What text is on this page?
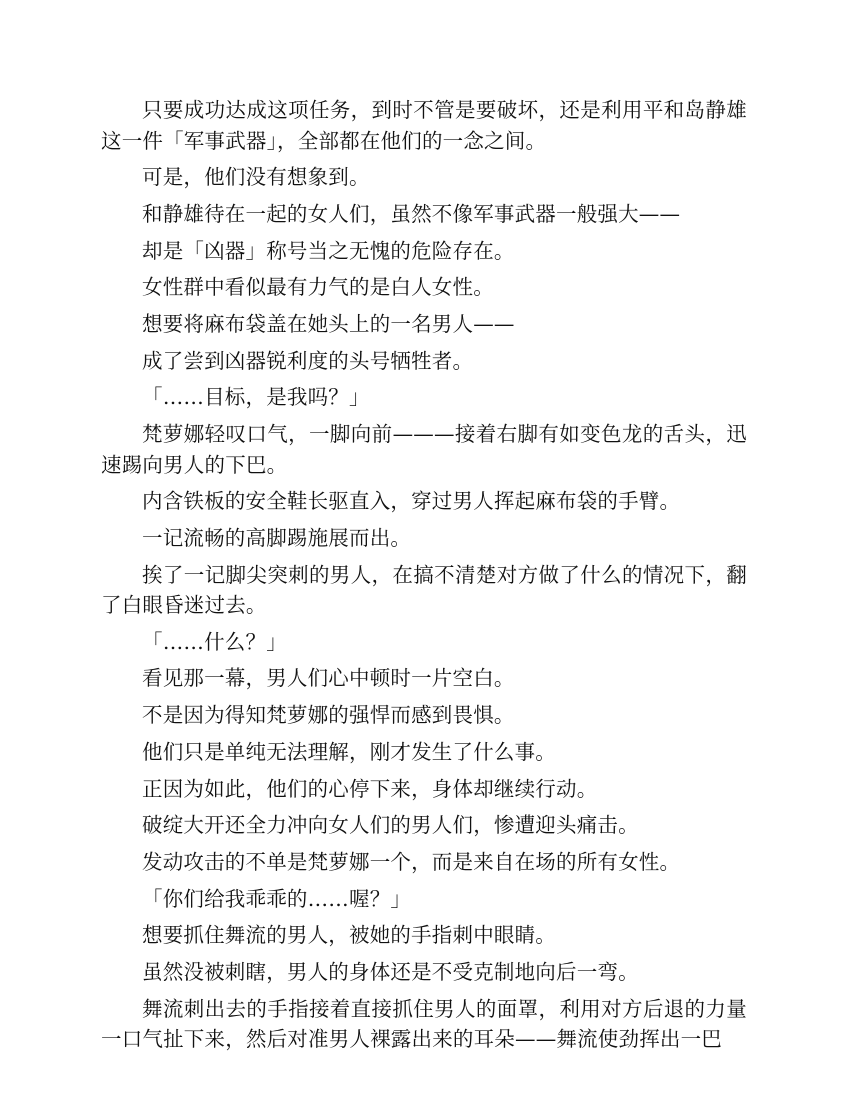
只要成功达成这项任务，到时不管是要破坏，还是利用平和岛静雄这一件「军事武器」，全部都在他们的一念之间。

可是，他们没有想象到。

和静雄待在一起的女人们，虽然不像军事武器一般强大——

却是「凶器」称号当之无愧的危险存在。

女性群中看似最有力气的是白人女性。

想要将麻布袋盖在她头上的一名男人——

成了尝到凶器锐利度的头号牺牲者。

「……目标，是我吗？」

梵萝娜轻叹口气，一脚向前———接着右脚有如变色龙的舌头，迅速踢向男人的下巴。

内含铁板的安全鞋长驱直入，穿过男人挥起麻布袋的手臂。

一记流畅的高脚踢施展而出。

挨了一记脚尖突刺的男人，在搞不清楚对方做了什么的情况下，翻了白眼昏迷过去。

「……什么？」

看见那一幕，男人们心中顿时一片空白。

不是因为得知梵萝娜的强悍而感到畏惧。

他们只是单纯无法理解，刚才发生了什么事。

正因为如此，他们的心停下来，身体却继续行动。

破绽大开还全力冲向女人们的男人们，惨遭迎头痛击。

发动攻击的不单是梵萝娜一个，而是来自在场的所有女性。

「你们给我乖乖的……喔？」

想要抓住舞流的男人，被她的手指刺中眼睛。

虽然没被刺瞎，男人的身体还是不受克制地向后一弯。

舞流刺出去的手指接着直接抓住男人的面罩，利用对方后退的力量一口气扯下来，然后对准男人裸露出来的耳朵——舞流使劲挥出一巴
